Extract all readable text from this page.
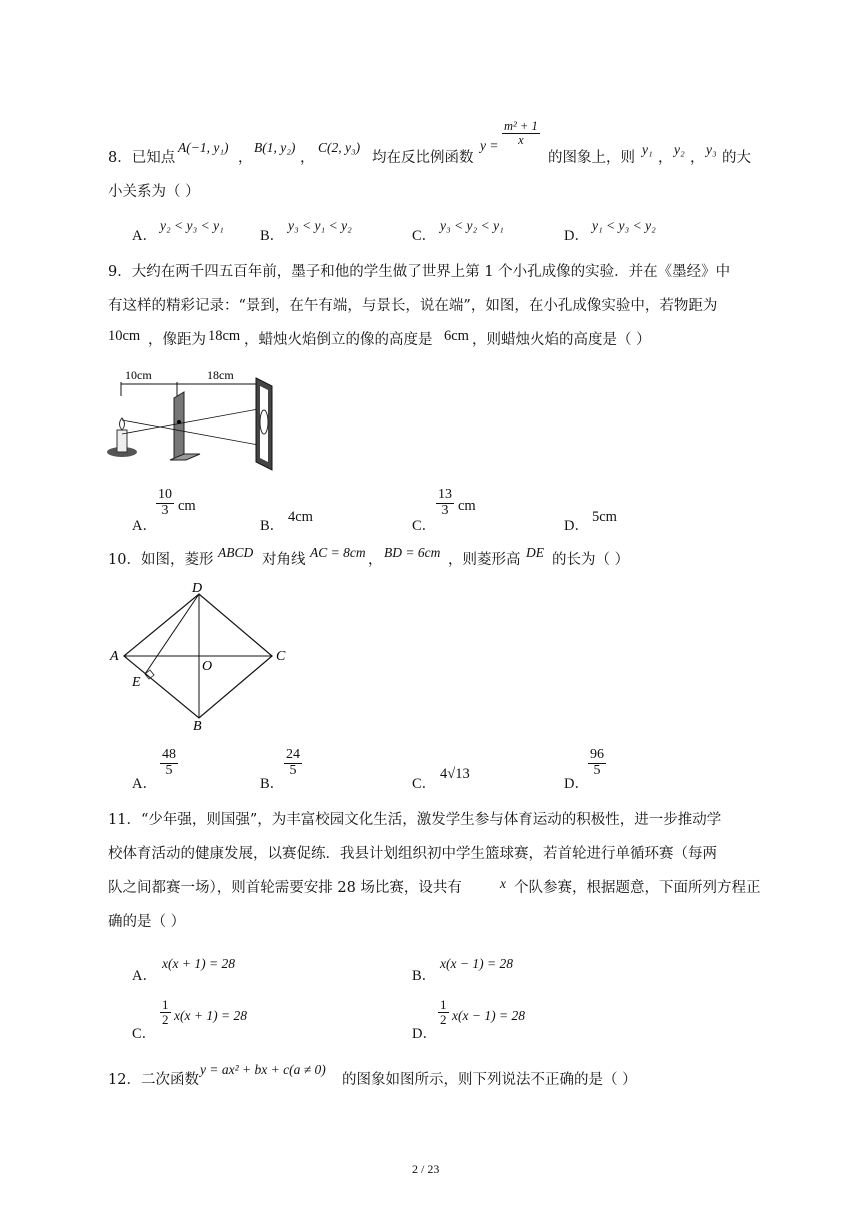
8．已知点
A(−1, y₁)
，
B(1, y₂)
，
C(2, y₃)
均在反比例函数
$y = \frac{\text{m² + 1}}{x}$
的图象上，则
y₁
，
y₂
，
y₃
的大
小关系为（ ）
A．
y₂ < y₃ < y₁
B．
y₃ < y₁ < y₂
C．
y₃ < y₂ < y₁
D．
y₁ < y₃ < y₂
9．大约在两千四五百年前，墨子和他的学生做了世界上第 1 个小孔成像的实验．并在《墨经》中
有这样的精彩记录：“景到，在午有端，与景长，说在端”，如图，在小孔成像实验中，若物距为
10cm ，像距为 18cm ，蜡烛火焰倒立的像的高度是 6cm ，则蜡烛火焰的高度是（ ）
10cm	18cm
A．
$\frac{10}{3}$ cm
B．
4cm
C．
$\frac{13}{3}$ cm
D．
5cm
10．如图，菱形 ABCD 对角线 AC = 8cm ， BD = 6cm ，则菱形高 DE 的长为（ ）
D
A	C
O
E
B
A．
$\frac{48}{5}$
B．
$\frac{24}{5}$
C．
4√13
D．
$\frac{96}{5}$
11．“少年强，则国强”，为丰富校园文化生活，激发学生参与体育运动的积极性，进一步推动学
校体育活动的健康发展，以赛促练．我县计划组织初中学生篮球赛，若首轮进行单循环赛（每两
队之间都赛一场），则首轮需要安排 28 场比赛，设共有	x 个队参赛，根据题意，下面所列方程正
确的是（ ）
A．
x(x + 1) = 28
B．
x(x − 1) = 28
C．
$\frac{1}{2} x(x + 1) = 28$
D．
$\frac{1}{2} x(x - 1) = 28$
12．二次函数
y = ax² + bx + c(a ≠ 0)
的图象如图所示，则下列说法不正确的是（ ）
2 / 23
